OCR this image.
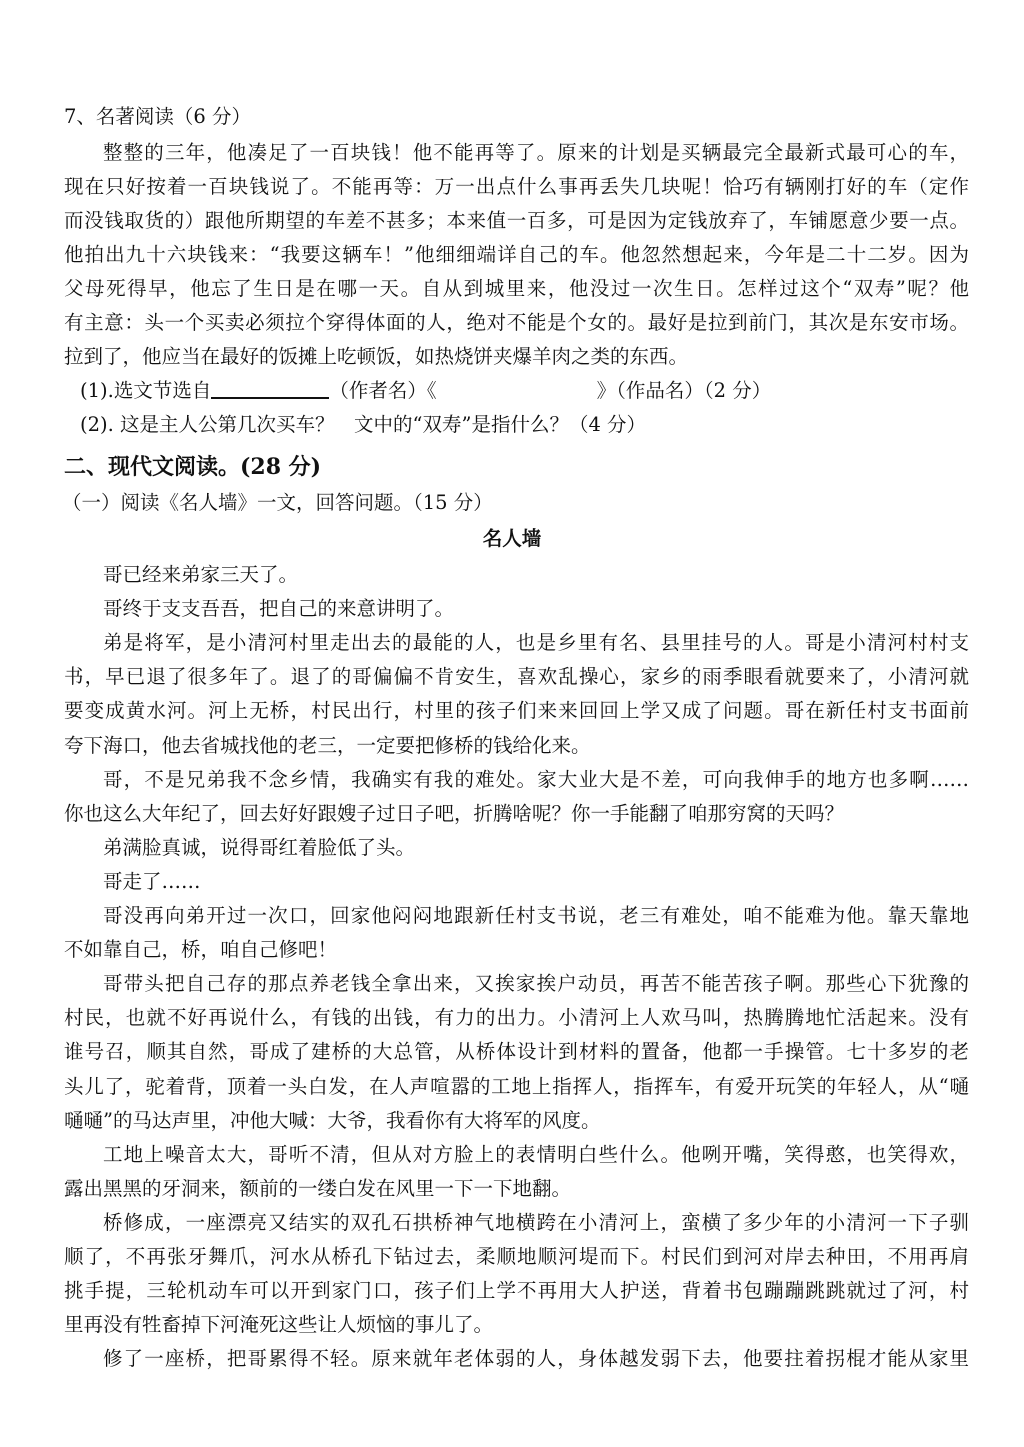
7、名著阅读（6 分）
整整的三年，他凑足了一百块钱！他不能再等了。原来的计划是买辆最完全最新式最可心的车，
现在只好按着一百块钱说了。不能再等：万一出点什么事再丢失几块呢！恰巧有辆刚打好的车（定作
而没钱取货的）跟他所期望的车差不甚多；本来值一百多，可是因为定钱放弃了，车铺愿意少要一点。
他拍出九十六块钱来：“我要这辆车！”他细细端详自己的车。他忽然想起来，今年是二十二岁。因为
父母死得早，他忘了生日是在哪一天。自从到城里来，他没过一次生日。怎样过这个“双寿”呢？他
有主意：头一个买卖必须拉个穿得体面的人，绝对不能是个女的。最好是拉到前门，其次是东安市场。
拉到了，他应当在最好的饭摊上吃顿饭，如热烧饼夹爆羊肉之类的东西。
(1).选文节选自	（作者名）《	》（作品名）（2 分）
(2). 这是主人公第几次买车？　文中的“双寿”是指什么？（4 分）
二、现代文阅读。(28 分)
（一）阅读《名人墙》一文，回答问题。（15 分）
名人墙
哥已经来弟家三天了。
哥终于支支吾吾，把自己的来意讲明了。
弟是将军，是小清河村里走出去的最能的人，也是乡里有名、县里挂号的人。哥是小清河村村支
书，早已退了很多年了。退了的哥偏偏不肯安生，喜欢乱操心，家乡的雨季眼看就要来了，小清河就
要变成黄水河。河上无桥，村民出行，村里的孩子们来来回回上学又成了问题。哥在新任村支书面前
夸下海口，他去省城找他的老三，一定要把修桥的钱给化来。
哥，不是兄弟我不念乡情，我确实有我的难处。家大业大是不差，可向我伸手的地方也多啊……
你也这么大年纪了，回去好好跟嫂子过日子吧，折腾啥呢？你一手能翻了咱那穷窝的天吗？
弟满脸真诚，说得哥红着脸低了头。
哥走了……
哥没再向弟开过一次口，回家他闷闷地跟新任村支书说，老三有难处，咱不能难为他。靠天靠地
不如靠自己，桥，咱自己修吧！
哥带头把自己存的那点养老钱全拿出来，又挨家挨户动员，再苦不能苦孩子啊。那些心下犹豫的
村民，也就不好再说什么，有钱的出钱，有力的出力。小清河上人欢马叫，热腾腾地忙活起来。没有
谁号召，顺其自然，哥成了建桥的大总管，从桥体设计到材料的置备，他都一手操管。七十多岁的老
头儿了，驼着背，顶着一头白发，在人声喧嚣的工地上指挥人，指挥车，有爱开玩笑的年轻人，从“嗵
嗵嗵”的马达声里，冲他大喊：大爷，我看你有大将军的风度。
工地上噪音太大，哥听不清，但从对方脸上的表情明白些什么。他咧开嘴，笑得憨，也笑得欢，
露出黑黑的牙洞来，额前的一缕白发在风里一下一下地翻。
桥修成，一座漂亮又结实的双孔石拱桥神气地横跨在小清河上，蛮横了多少年的小清河一下子驯
顺了，不再张牙舞爪，河水从桥孔下钻过去，柔顺地顺河堤而下。村民们到河对岸去种田，不用再肩
挑手提，三轮机动车可以开到家门口，孩子们上学不再用大人护送，背着书包蹦蹦跳跳就过了河，村
里再没有牲畜掉下河淹死这些让人烦恼的事儿了。
修了一座桥，把哥累得不轻。原来就年老体弱的人，身体越发弱下去，他要拄着拐棍才能从家里
